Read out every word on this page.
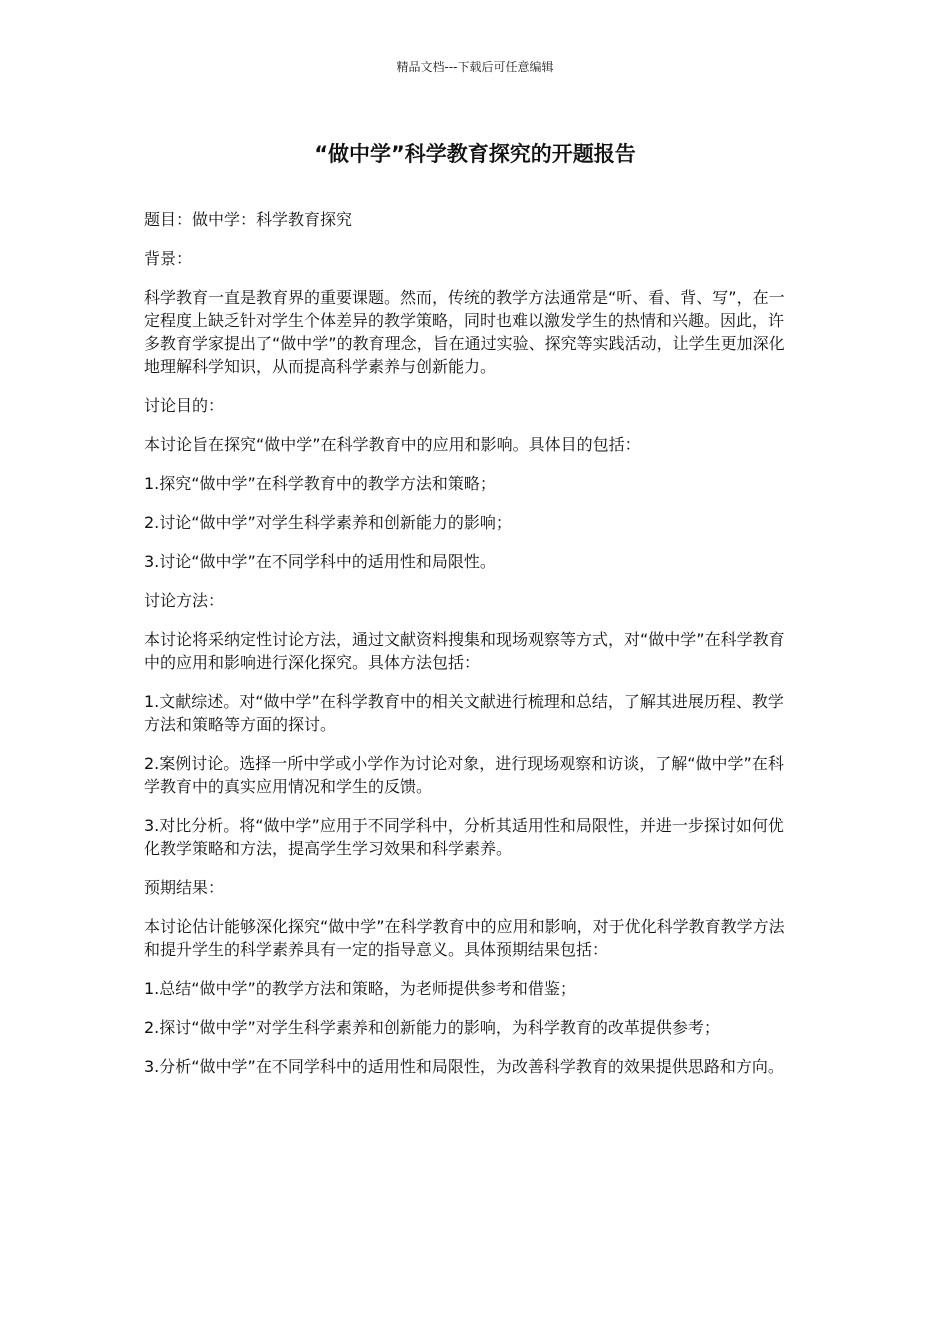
精品文档---下载后可任意编辑
“做中学”科学教育探究的开题报告

题目：做中学：科学教育探究

背景：

科学教育一直是教育界的重要课题。然而，传统的教学方法通常是“听、看、背、写”，在一定程度上缺乏针对学生个体差异的教学策略，同时也难以激发学生的热情和兴趣。因此，许多教育学家提出了“做中学”的教育理念，旨在通过实验、探究等实践活动，让学生更加深化地理解科学知识，从而提高科学素养与创新能力。

讨论目的：

本讨论旨在探究“做中学”在科学教育中的应用和影响。具体目的包括：

1.探究“做中学”在科学教育中的教学方法和策略；

2.讨论“做中学”对学生科学素养和创新能力的影响；

3.讨论“做中学”在不同学科中的适用性和局限性。

讨论方法：

本讨论将采纳定性讨论方法，通过文献资料搜集和现场观察等方式，对“做中学”在科学教育中的应用和影响进行深化探究。具体方法包括：

1.文献综述。对“做中学”在科学教育中的相关文献进行梳理和总结，了解其进展历程、教学方法和策略等方面的探讨。

2.案例讨论。选择一所中学或小学作为讨论对象，进行现场观察和访谈，了解“做中学”在科学教育中的真实应用情况和学生的反馈。

3.对比分析。将“做中学”应用于不同学科中，分析其适用性和局限性，并进一步探讨如何优化教学策略和方法，提高学生学习效果和科学素养。

预期结果：

本讨论估计能够深化探究“做中学”在科学教育中的应用和影响，对于优化科学教育教学方法和提升学生的科学素养具有一定的指导意义。具体预期结果包括：

1.总结“做中学”的教学方法和策略，为老师提供参考和借鉴；

2.探讨“做中学”对学生科学素养和创新能力的影响，为科学教育的改革提供参考；

3.分析“做中学”在不同学科中的适用性和局限性，为改善科学教育的效果提供思路和方向。
